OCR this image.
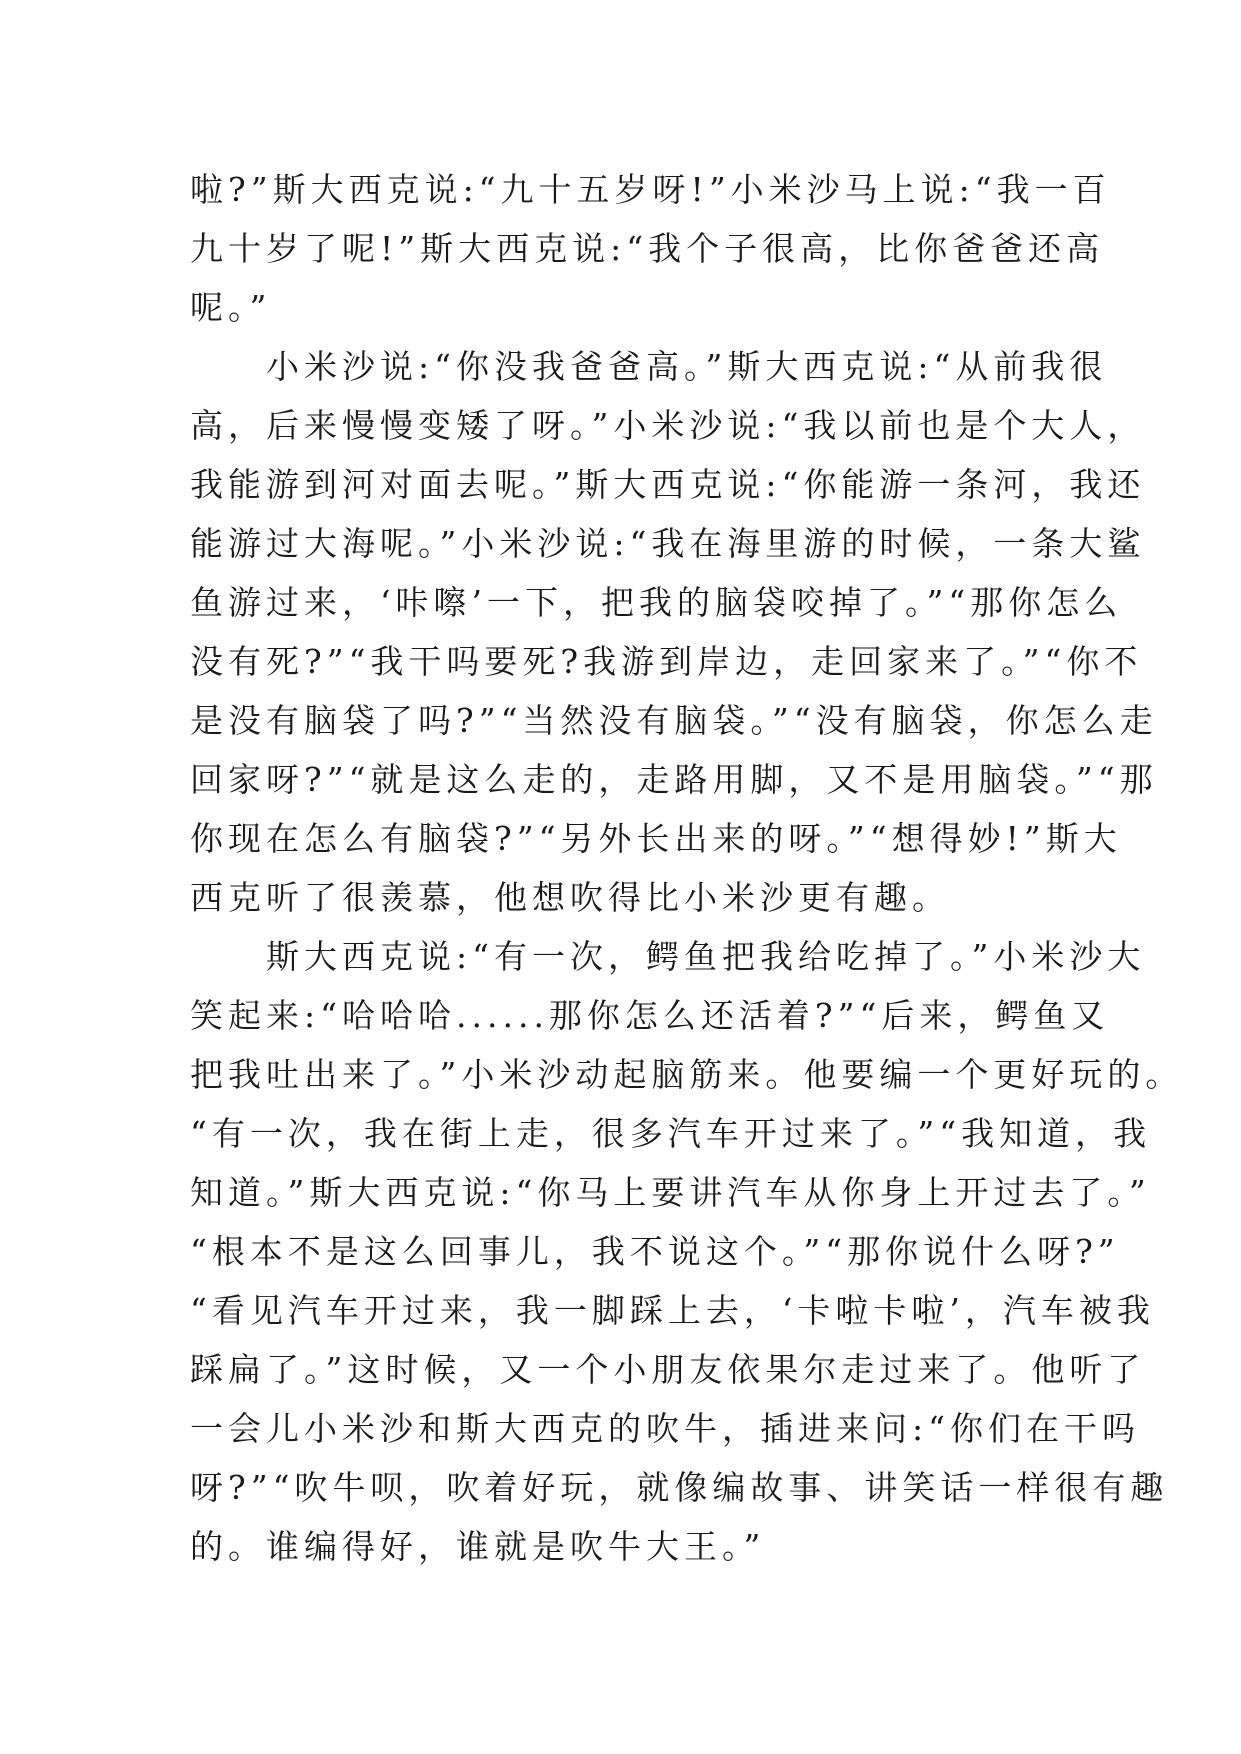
啦?”斯大西克说:“九十五岁呀!”小米沙马上说:“我一百
九十岁了呢!”斯大西克说:“我个子很高，比你爸爸还高
呢。”
　　小米沙说:“你没我爸爸高。”斯大西克说:“从前我很
高，后来慢慢变矮了呀。”小米沙说:“我以前也是个大人，
我能游到河对面去呢。”斯大西克说:“你能游一条河，我还
能游过大海呢。”小米沙说:“我在海里游的时候，一条大鲨
鱼游过来，‘咔嚓’一下，把我的脑袋咬掉了。”“那你怎么
没有死?”“我干吗要死?我游到岸边，走回家来了。”“你不
是没有脑袋了吗?”“当然没有脑袋。”“没有脑袋，你怎么走
回家呀?”“就是这么走的，走路用脚，又不是用脑袋。”“那
你现在怎么有脑袋?”“另外长出来的呀。”“想得妙!”斯大
西克听了很羡慕，他想吹得比小米沙更有趣。
　　斯大西克说:“有一次，鳄鱼把我给吃掉了。”小米沙大
笑起来:“哈哈哈......那你怎么还活着?”“后来，鳄鱼又
把我吐出来了。”小米沙动起脑筋来。他要编一个更好玩的。
“有一次，我在街上走，很多汽车开过来了。”“我知道，我
知道。”斯大西克说:“你马上要讲汽车从你身上开过去了。”
“根本不是这么回事儿，我不说这个。”“那你说什么呀?”
“看见汽车开过来，我一脚踩上去，‘卡啦卡啦’，汽车被我
踩扁了。”这时候，又一个小朋友依果尔走过来了。他听了
一会儿小米沙和斯大西克的吹牛，插进来问:“你们在干吗
呀?”“吹牛呗，吹着好玩，就像编故事、讲笑话一样很有趣
的。谁编得好，谁就是吹牛大王。”
